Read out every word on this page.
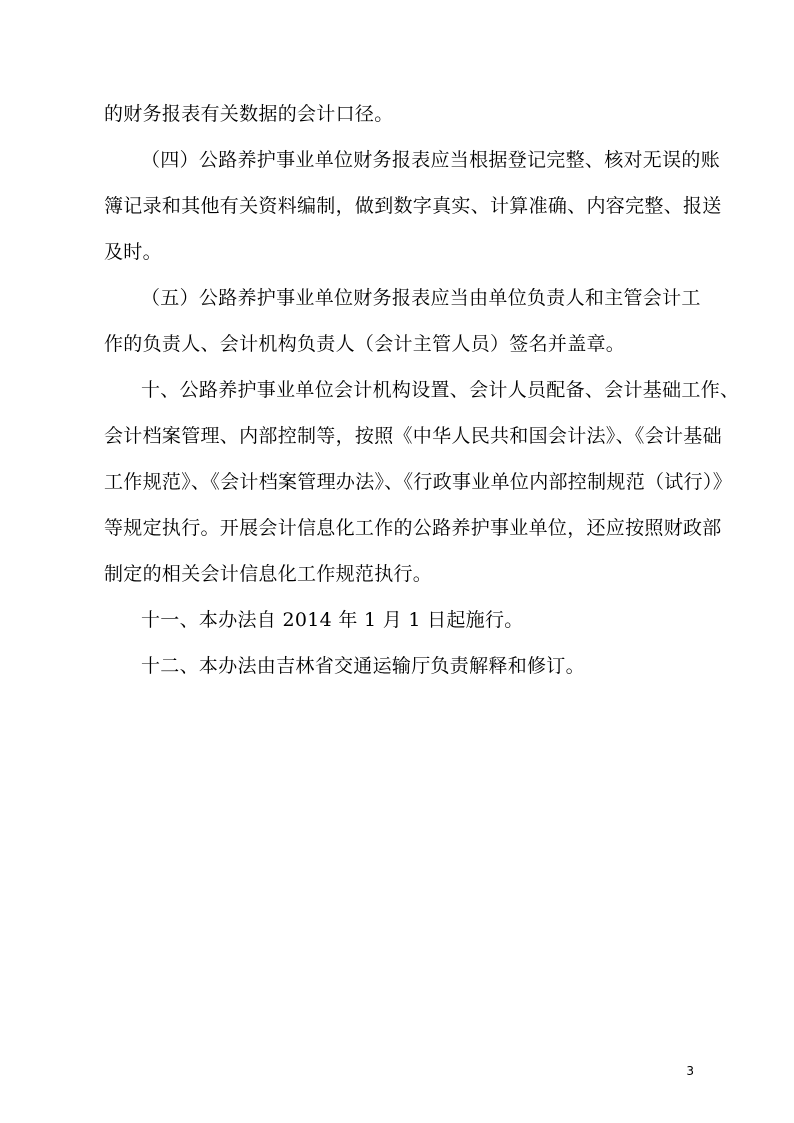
的财务报表有关数据的会计口径。
（四）公路养护事业单位财务报表应当根据登记完整、核对无误的账
簿记录和其他有关资料编制，做到数字真实、计算准确、内容完整、报送
及时。
（五）公路养护事业单位财务报表应当由单位负责人和主管会计工
作的负责人、会计机构负责人（会计主管人员）签名并盖章。
十、公路养护事业单位会计机构设置、会计人员配备、会计基础工作、
会计档案管理、内部控制等，按照《中华人民共和国会计法》、《会计基础
工作规范》、《会计档案管理办法》、《行政事业单位内部控制规范（试行）》
等规定执行。开展会计信息化工作的公路养护事业单位，还应按照财政部
制定的相关会计信息化工作规范执行。
十一、本办法自 2014 年 1 月 1 日起施行。
十二、本办法由吉林省交通运输厅负责解释和修订。
3
